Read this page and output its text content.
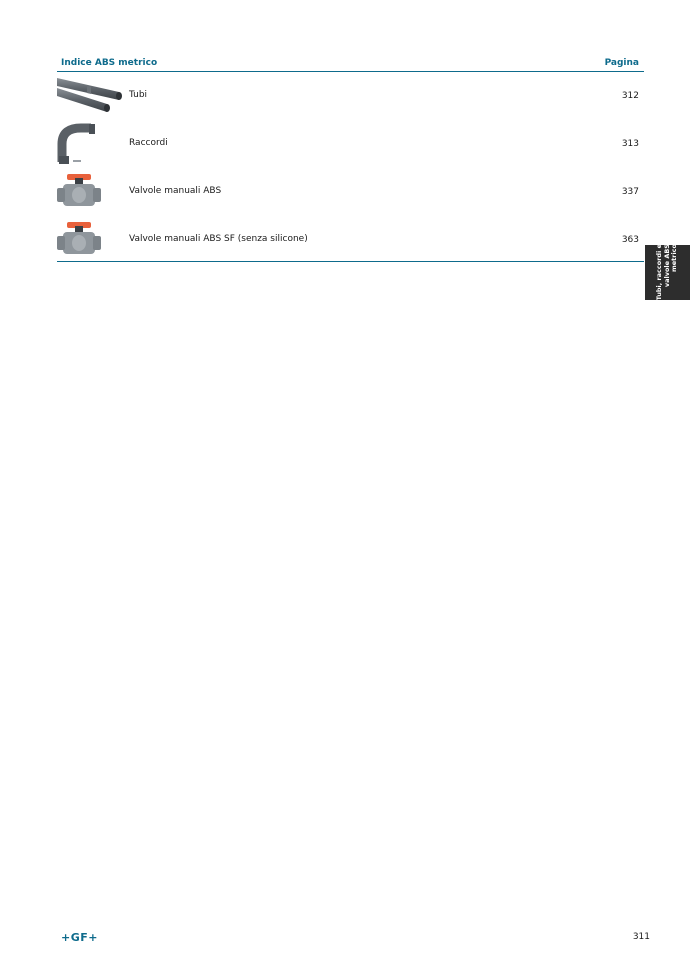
Indice ABS metrico	Pagina
Tubi	312
Raccordi	313
Valvole manuali ABS	337
Valvole manuali ABS SF (senza silicone)	363
Tubi, raccordi e valvole ABS metrico
+GF+	311
